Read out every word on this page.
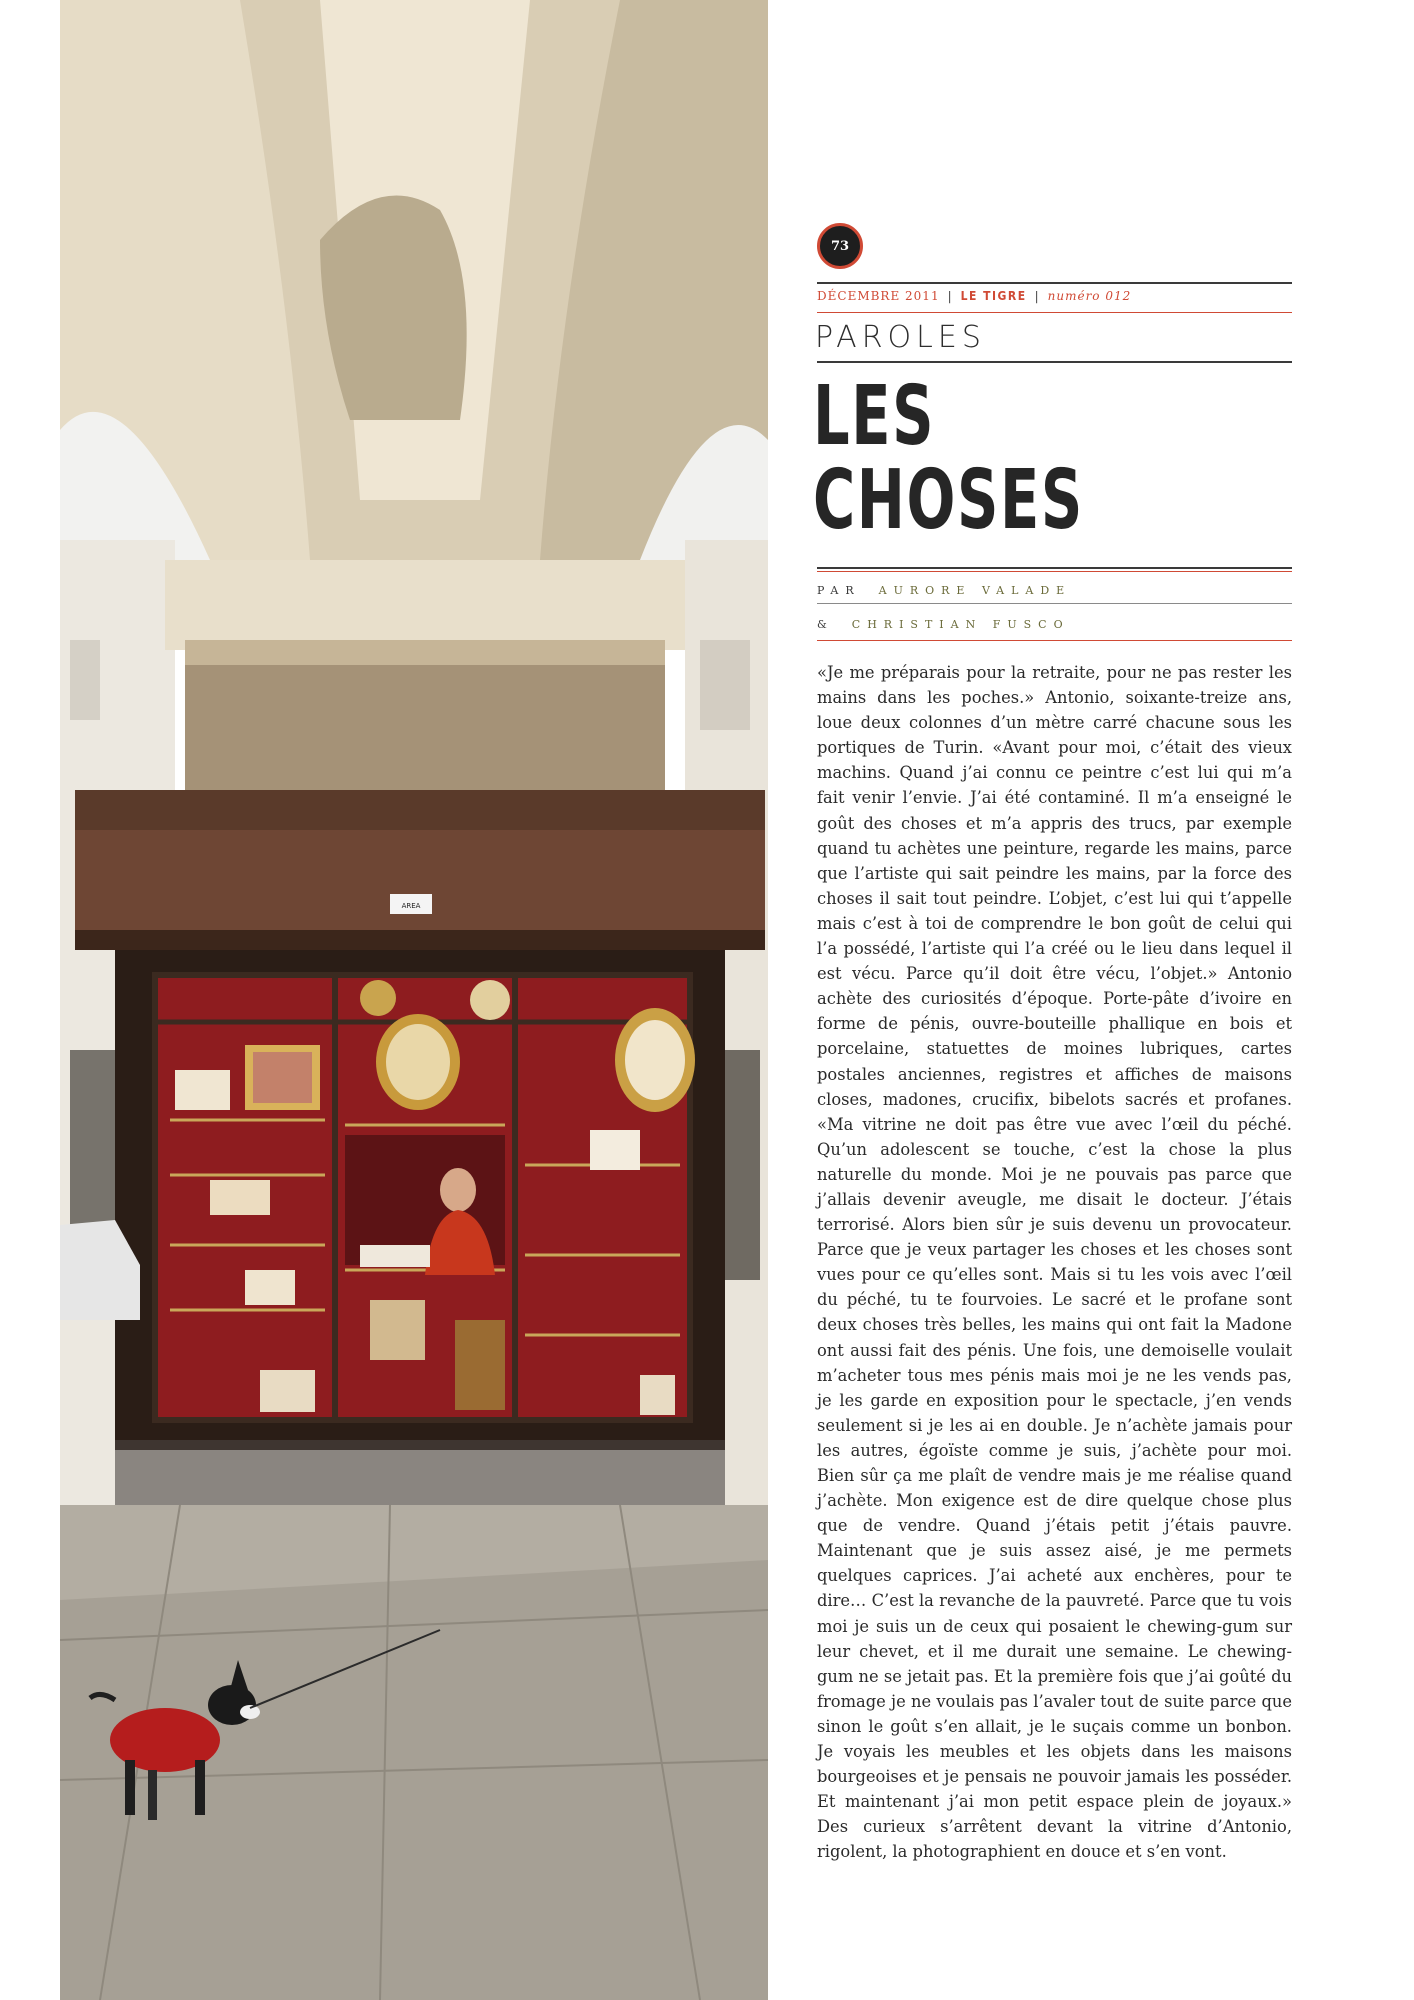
AREA
73
DÉCEMBRE 2011 | LE TIGRE | numéro 012
PAROLES
LES
CHOSES
PAR AURORE VALADE
& CHRISTIAN FUSCO

«Je me préparais pour la retraite, pour ne pas rester les mains dans les poches.» Antonio, soixante-treize ans, loue deux colonnes d’un mètre carré chacune sous les portiques de Turin. «Avant pour moi, c’était des vieux machins. Quand j’ai connu ce peintre c’est lui qui m’a fait venir l’envie. J’ai été contaminé. Il m’a enseigné le goût des choses et m’a appris des trucs, par exemple quand tu achètes une peinture, regarde les mains, parce que l’artiste qui sait peindre les mains, par la force des choses il sait tout peindre. L’objet, c’est lui qui t’appelle mais c’est à toi de comprendre le bon goût de celui qui l’a possédé, l’artiste qui l’a créé ou le lieu dans lequel il est vécu. Parce qu’il doit être vécu, l’objet.» Antonio achète des curiosités d’époque. Porte-pâte d’ivoire en forme de pénis, ouvre-bouteille phallique en bois et porcelaine, statuettes de moines lubriques, cartes postales anciennes, registres et affiches de maisons closes, madones, crucifix, bibelots sacrés et profanes. «Ma vitrine ne doit pas être vue avec l’œil du péché. Qu’un adolescent se touche, c’est la chose la plus naturelle du monde. Moi je ne pouvais pas parce que j’allais devenir aveugle, me disait le docteur. J’étais terrorisé. Alors bien sûr je suis devenu un provocateur. Parce que je veux partager les choses et les choses sont vues pour ce qu’elles sont. Mais si tu les vois avec l’œil du péché, tu te fourvoies. Le sacré et le profane sont deux choses très belles, les mains qui ont fait la Madone ont aussi fait des pénis. Une fois, une demoiselle voulait m’acheter tous mes pénis mais moi je ne les vends pas, je les garde en exposition pour le spectacle, j’en vends seulement si je les ai en double. Je n’achète jamais pour les autres, égoïste comme je suis, j’achète pour moi. Bien sûr ça me plaît de vendre mais je me réalise quand j’achète. Mon exigence est de dire quelque chose plus que de vendre. Quand j’étais petit j’étais pauvre. Maintenant que je suis assez aisé, je me permets quelques caprices. J’ai acheté aux enchères, pour te dire… C’est la revanche de la pauvreté. Parce que tu vois moi je suis un de ceux qui posaient le chewing-gum sur leur chevet, et il me durait une semaine. Le chewing-gum ne se jetait pas. Et la première fois que j’ai goûté du fromage je ne voulais pas l’avaler tout de suite parce que sinon le goût s’en allait, je le suçais comme un bonbon. Je voyais les meubles et les objets dans les maisons bourgeoises et je pensais ne pouvoir jamais les posséder. Et maintenant j’ai mon petit espace plein de joyaux.» Des curieux s’arrêtent devant la vitrine d’Antonio, rigolent, la photographient en douce et s’en vont.
